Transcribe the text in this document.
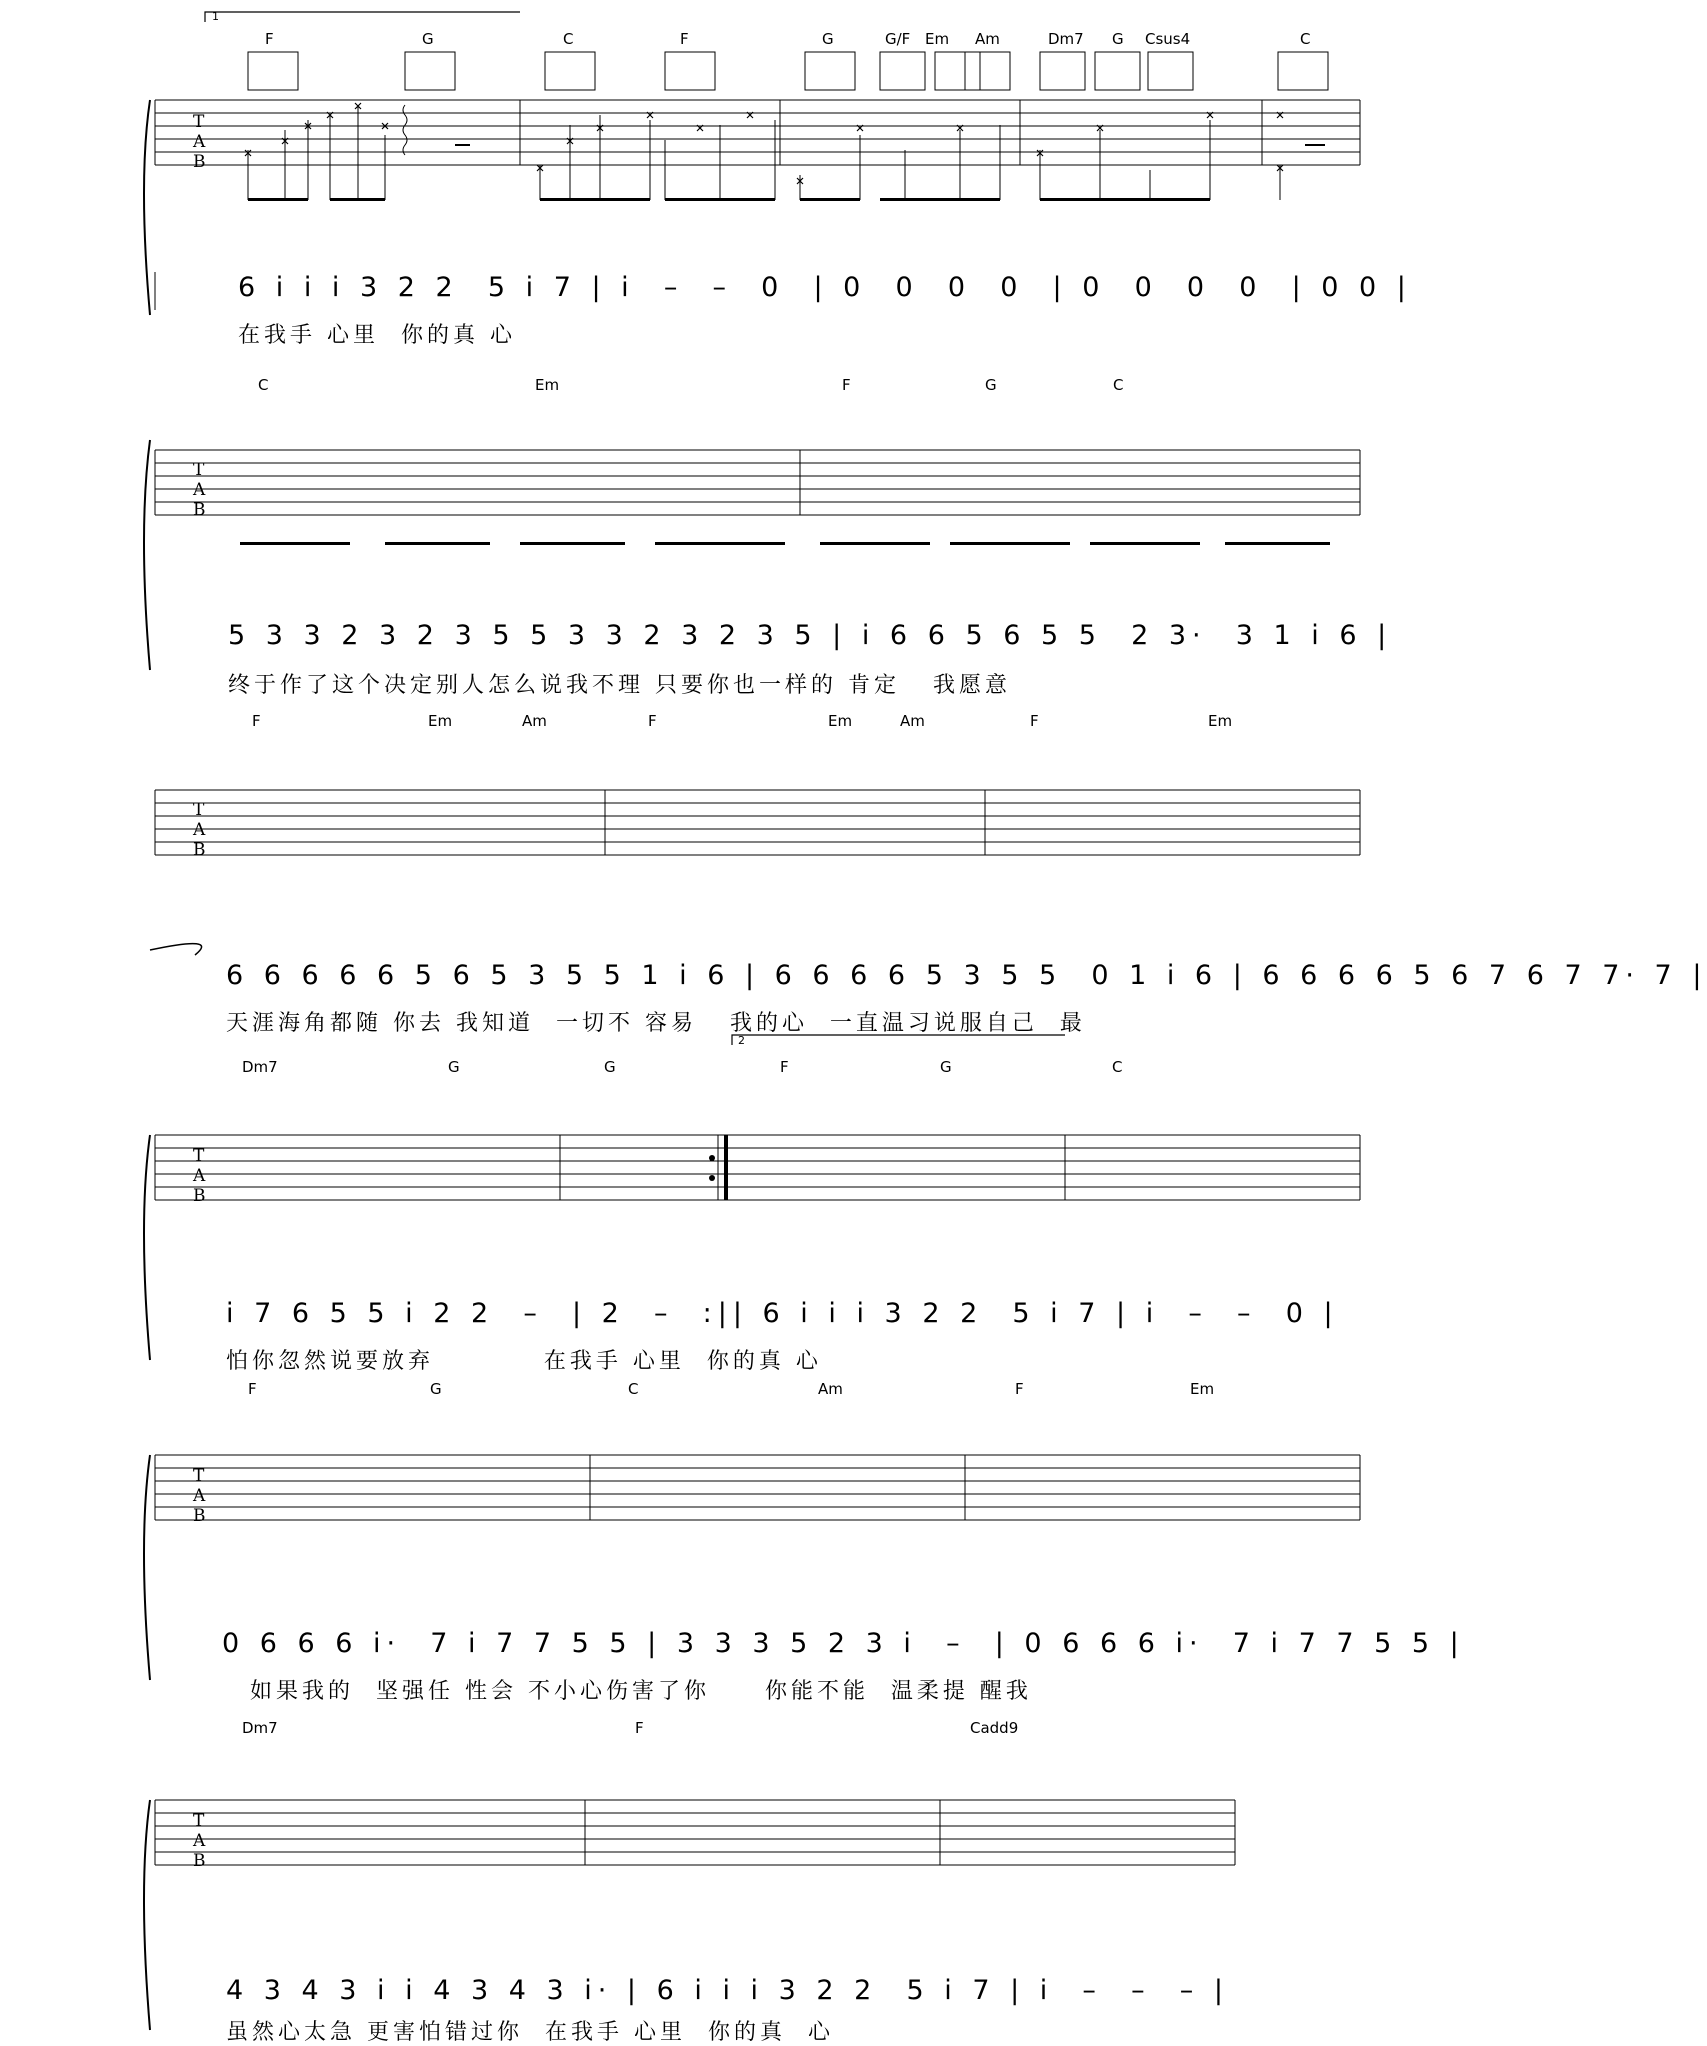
1
T
A
B
F	G	C	F	G	G/F Em Am	Dm7 G Csus4	C
6 i i i 3 2 2  5 i 7 | i  –  –  0  | 0  0  0  0  | 0  0  0  0  | 0 0 |
在我手 心里  你的真 心
T
A
B
C	Em	F	G	C
5 3 3 2 3 2 3 5 5 3 3 2 3 2 3 5 | i 6 6 5 6 5 5  2 3·  3 1 i 6 |
终于作了这个决定别人怎么说我不理 只要你也一样的 肯定   我愿意
T
A
B
F	Em	Am	F	Em	Am	F	Em
6 6 6 6 6 5 6 5 3 5 5 1 i 6 | 6 6 6 6 5 3 5 5  0 1 i 6 | 6 6 6 6 5 6 7 6 7 7· 7 |
天涯海角都随 你去 我知道  一切不 容易   我的心  一直温习说服自己  最
2
T
A
B
Dm7	G	G	F	G	C
i 7 6 5 5 i 2 2  –  | 2  –  :|| 6 i i i 3 2 2  5 i 7 | i  –  –  0 |
怕你忽然说要放弃          在我手 心里  你的真 心
T
A
B
F	G	C	Am	F	Em
0 6 6 6 i·  7 i 7 7 5 5 | 3 3 3 5 2 3 i  –  | 0 6 6 6 i·  7 i 7 7 5 5 |
如果我的  坚强任 性会 不小心伤害了你     你能不能  温柔提 醒我
T
A
B
Dm7	F	Cadd9
4 3 4 3 i i 4 3 4 3 i· | 6 i i i 3 2 2  5 i 7 | i  –  –  – |
虽然心太急 更害怕错过你  在我手 心里  你的真  心
